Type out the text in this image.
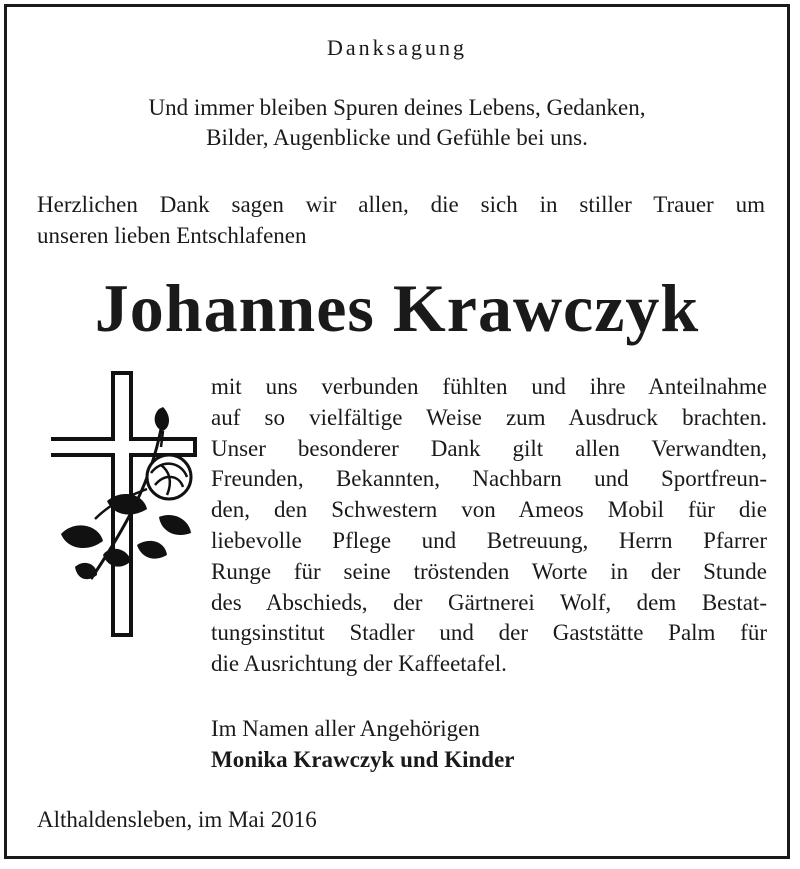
Danksagung
Und immer bleiben Spuren deines Lebens, Gedanken,
Bilder, Augenblicke und Gefühle bei uns.
Herzlichen Dank sagen wir allen, die sich in stiller Trauer um
unseren lieben Entschlafenen
Johannes Krawczyk
mit uns verbunden fühlten und ihre Anteilnahme
auf so vielfältige Weise zum Ausdruck brachten.
Unser besonderer Dank gilt allen Verwandten,
Freunden, Bekannten, Nachbarn und Sportfreun-
den, den Schwestern von Ameos Mobil für die
liebevolle Pflege und Betreuung, Herrn Pfarrer
Runge für seine tröstenden Worte in der Stunde
des Abschieds, der Gärtnerei Wolf, dem Bestat-
tungsinstitut Stadler und der Gaststätte Palm für
die Ausrichtung der Kaffeetafel.
Im Namen aller Angehörigen
Monika Krawczyk und Kinder
Althaldensleben, im Mai 2016
